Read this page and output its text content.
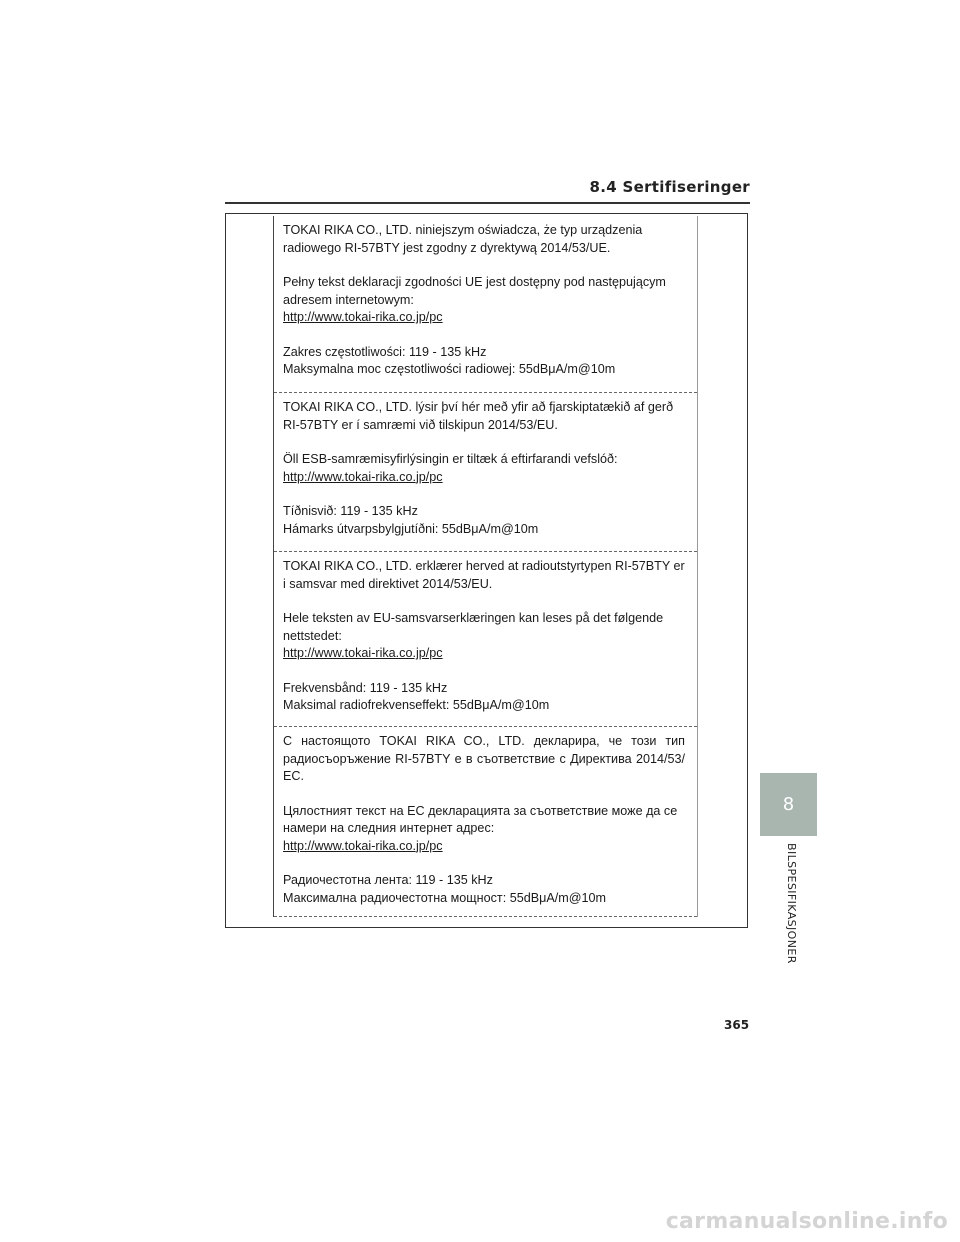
8.4 Sertifiseringer

TOKAI RIKA CO., LTD. niniejszym oświadcza, że typ urządzenia radiowego RI-57BTY jest zgodny z dyrektywą 2014/53/UE.

Pełny tekst deklaracji zgodności UE jest dostępny pod następującym adresem internetowym:

http://www.tokai-rika.co.jp/pc

Zakres częstotliwości: 119 - 135 kHz

Maksymalna moc częstotliwości radiowej: 55dBμA/m@10m

TOKAI RIKA CO., LTD. lýsir því hér með yfir að fjarskiptatækið af gerð RI-57BTY er í samræmi við tilskipun 2014/53/EU.

Öll ESB-samræmisyfirlýsingin er tiltæk á eftirfarandi vefslóð:

http://www.tokai-rika.co.jp/pc

Tíðnisvið: 119 - 135 kHz

Hámarks útvarpsbylgjutíðni: 55dBμA/m@10m

TOKAI RIKA CO., LTD. erklærer herved at radioutstyrtypen RI-57BTY er i samsvar med direktivet 2014/53/EU.

Hele teksten av EU-samsvarserklæringen kan leses på det følgende nettstedet:

http://www.tokai-rika.co.jp/pc

Frekvensbånd: 119 - 135 kHz

Maksimal radiofrekvenseffekt: 55dBμA/m@10m

С настоящото TOKAI RIKA CO., LTD. декларира, че този тип радиосъоръжение RI-57BTY е в съответствие с Директива 2014/53/ЕС.

Цялостният текст на ЕС декларацията за съответствие може да се намери на следния интернет адрес:

http://www.tokai-rika.co.jp/pc

Радиочестотна лента: 119 - 135 kHz

Максимална радиочестотна мощност: 55dBμA/m@10m

8
BILSPESIFIKASJONER
365
carmanualsonline.info
